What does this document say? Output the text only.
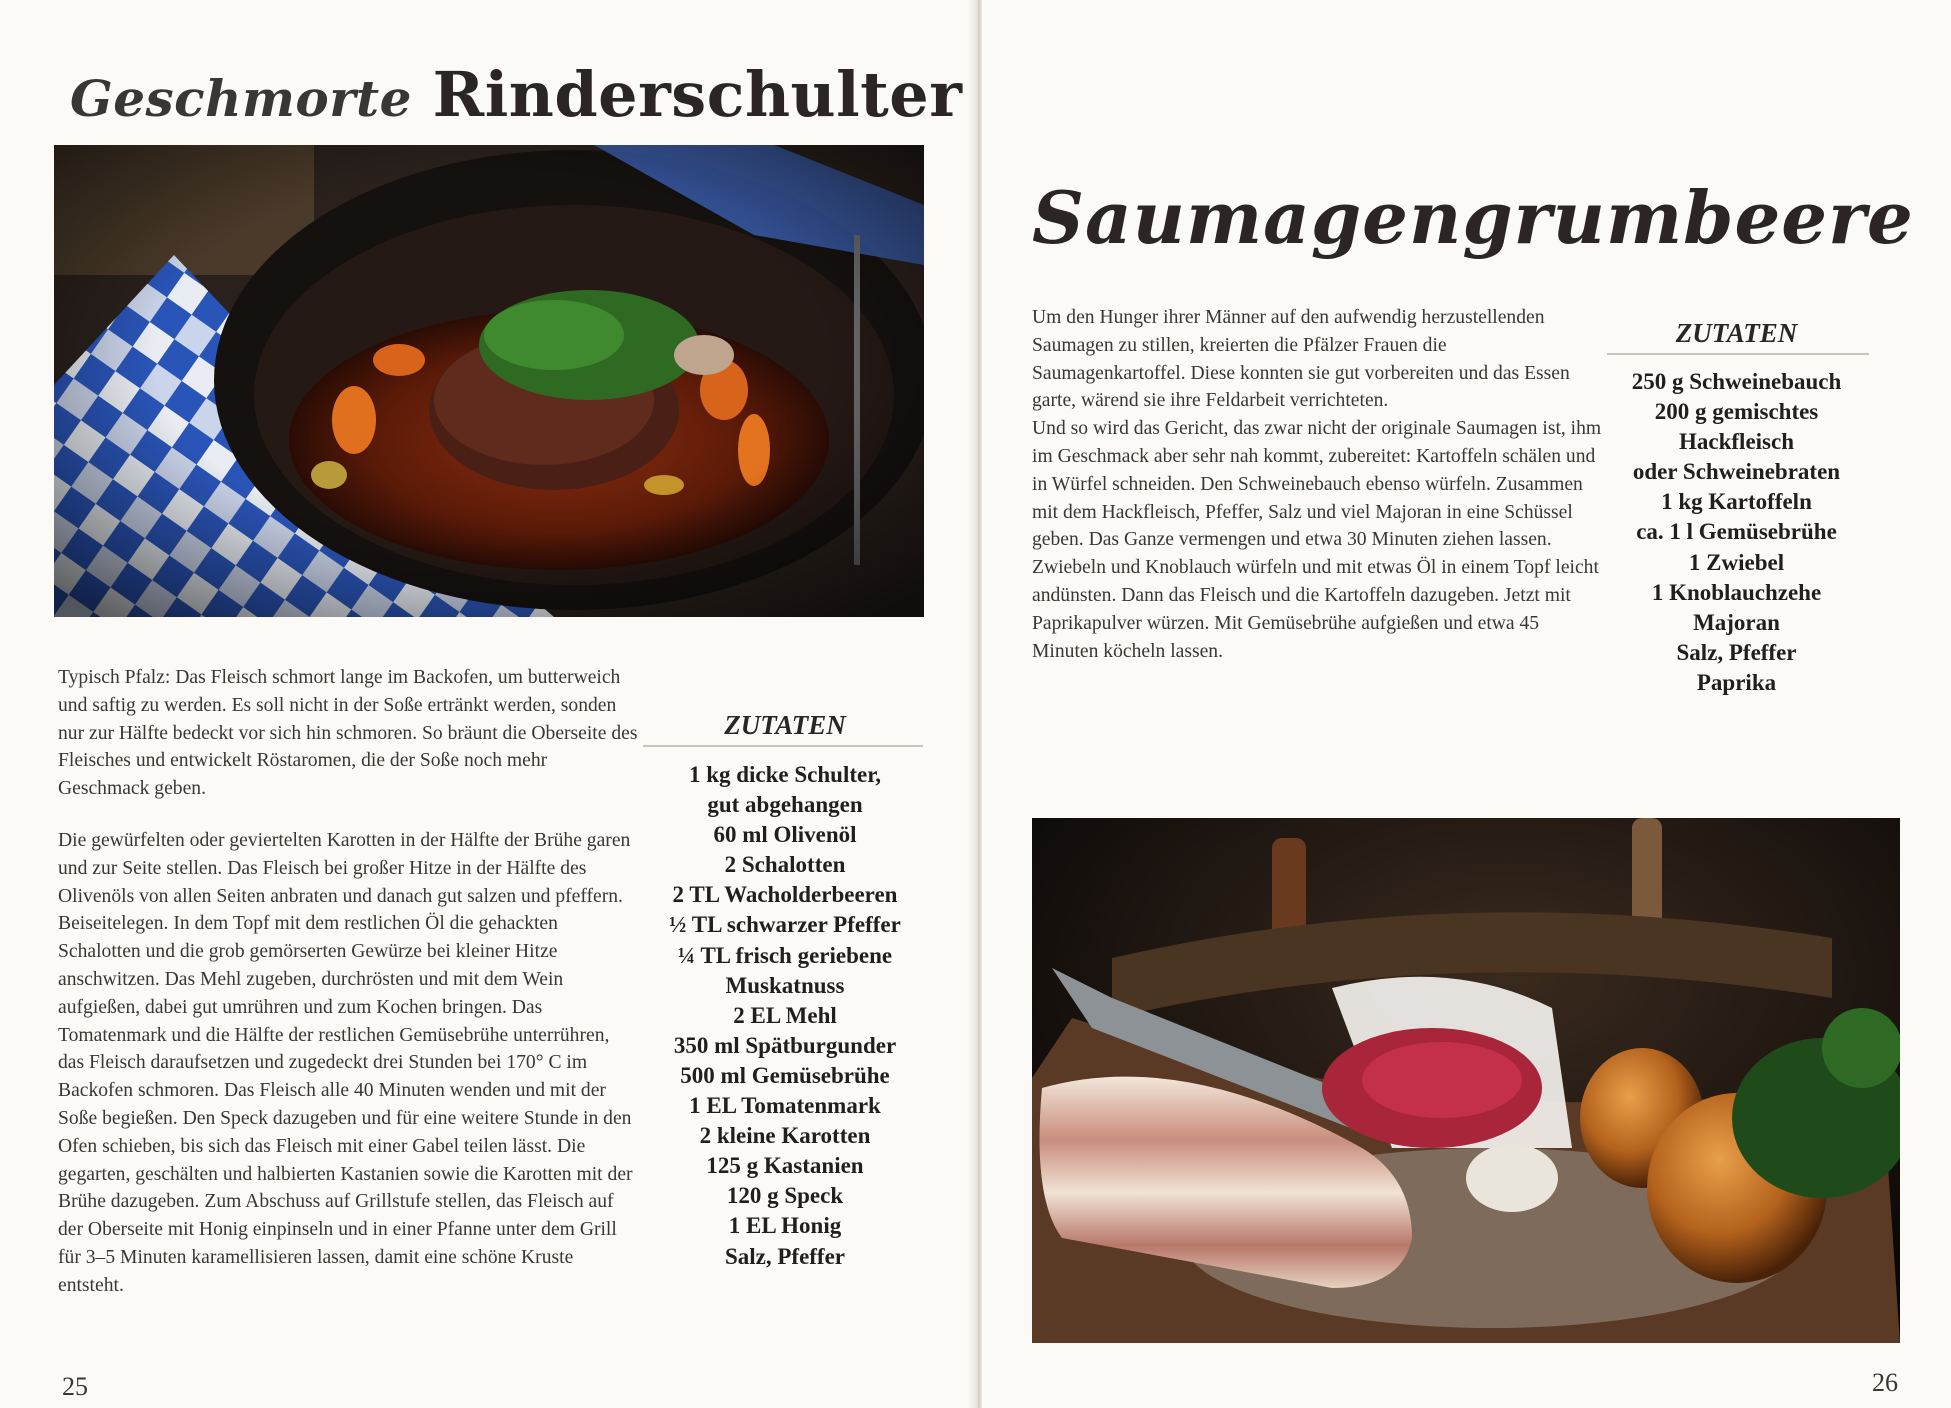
Geschmorte Rinderschulter

Typisch Pfalz: Das Fleisch schmort lange im Backofen, um butterweich und saftig zu werden. Es soll nicht in der Soße ertränkt werden, sonden nur zur Hälfte bedeckt vor sich hin schmoren. So bräunt die Oberseite des Fleisches und entwickelt Röstaromen, die der Soße noch mehr Geschmack geben.

Die gewürfelten oder geviertelten Karotten in der Hälfte der Brühe garen und zur Seite stellen. Das Fleisch bei großer Hitze in der Hälfte des Olivenöls von allen Seiten anbraten und danach gut salzen und pfeffern. Beiseitelegen. In dem Topf mit dem restlichen Öl die gehackten Schalotten und die grob gemörserten Gewürze bei kleiner Hitze anschwitzen. Das Mehl zugeben, durchrösten und mit dem Wein aufgießen, dabei gut umrühren und zum Kochen bringen. Das Tomatenmark und die Hälfte der restlichen Gemüsebrühe unterrühren, das Fleisch daraufsetzen und zugedeckt drei Stunden bei 170° C im Backofen schmoren. Das Fleisch alle 40 Minuten wenden und mit der Soße begießen. Den Speck dazugeben und für eine weitere Stunde in den Ofen schieben, bis sich das Fleisch mit einer Gabel teilen lässt. Die gegarten, geschälten und halbierten Kastanien sowie die Karotten mit der Brühe dazugeben. Zum Abschuss auf Grillstufe stellen, das Fleisch auf der Oberseite mit Honig einpinseln und in einer Pfanne unter dem Grill für 3–5 Minuten karamellisieren lassen, damit eine schöne Kruste entsteht.

ZUTATEN
1 kg dicke Schulter,
gut abgehangen
60 ml Olivenöl
2 Schalotten
2 TL Wacholderbeeren
½ TL schwarzer Pfeffer
¼ TL frisch geriebene
Muskatnuss
2 EL Mehl
350 ml Spätburgunder
500 ml Gemüsebrühe
1 EL Tomatenmark
2 kleine Karotten
125 g Kastanien
120 g Speck
1 EL Honig
Salz, Pfeffer

25

Saumagengrumbeere

Um den Hunger ihrer Männer auf den aufwendig herzustellenden Saumagen zu stillen, kreierten die Pfälzer Frauen die Saumagenkartoffel. Diese konnten sie gut vorbereiten und das Essen garte, wärend sie ihre Feldarbeit verrichteten.

Und so wird das Gericht, das zwar nicht der originale Saumagen ist, ihm im Geschmack aber sehr nah kommt, zubereitet: Kartoffeln schälen und in Würfel schneiden. Den Schweinebauch ebenso würfeln. Zusammen mit dem Hackfleisch, Pfeffer, Salz und viel Majoran in eine Schüssel geben. Das Ganze vermengen und etwa 30 Minuten ziehen lassen. Zwiebeln und Knoblauch würfeln und mit etwas Öl in einem Topf leicht andünsten. Dann das Fleisch und die Kartoffeln dazugeben. Jetzt mit Paprikapulver würzen. Mit Gemüsebrühe aufgießen und etwa 45 Minuten köcheln lassen.

ZUTATEN
250 g Schweinebauch
200 g gemischtes
Hackfleisch
oder Schweinebraten
1 kg Kartoffeln
ca. 1 l Gemüsebrühe
1 Zwiebel
1 Knoblauchzehe
Majoran
Salz, Pfeffer
Paprika

26
